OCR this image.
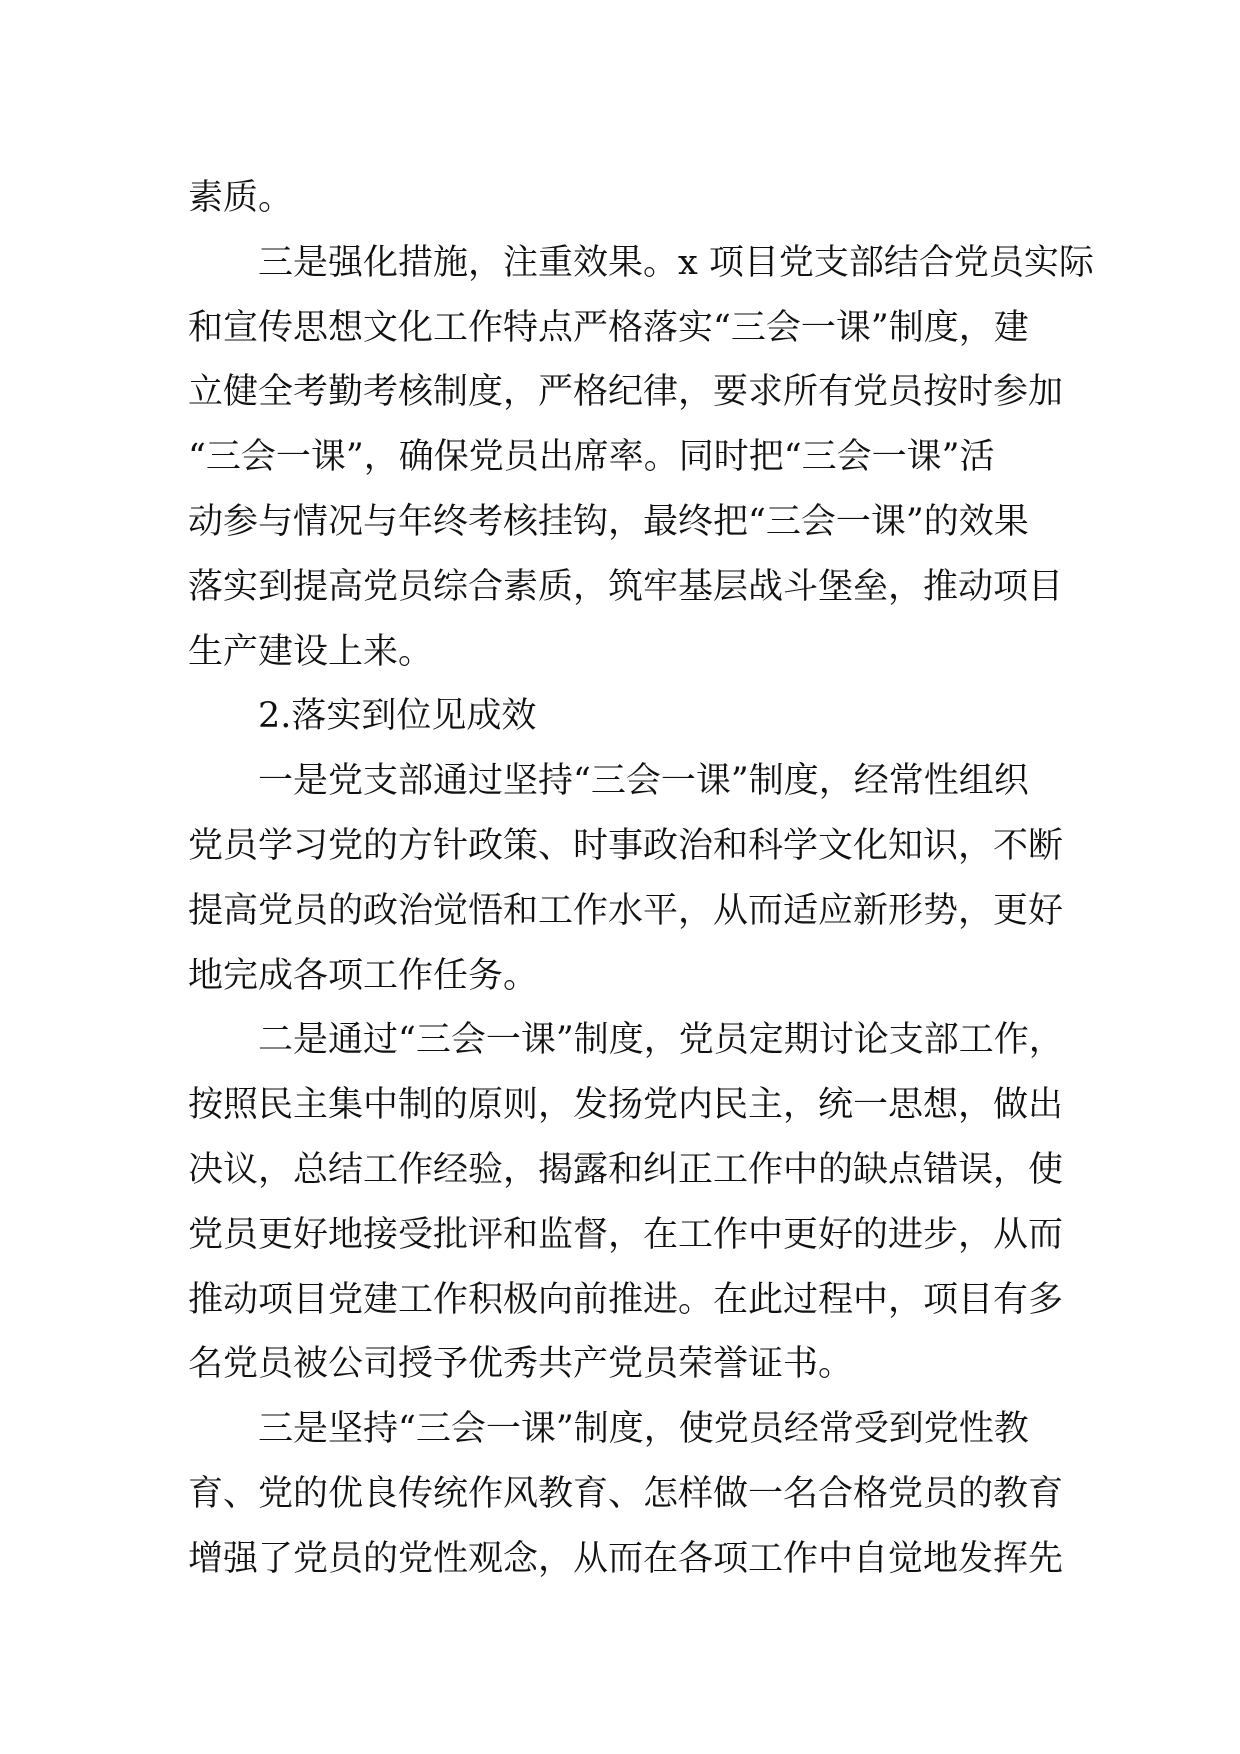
素质。
三是强化措施，注重效果。x 项目党支部结合党员实际
和宣传思想文化工作特点严格落实“三会一课”制度，建
立健全考勤考核制度，严格纪律，要求所有党员按时参加
“三会一课”，确保党员出席率。同时把“三会一课”活
动参与情况与年终考核挂钩，最终把“三会一课”的效果
落实到提高党员综合素质，筑牢基层战斗堡垒，推动项目
生产建设上来。
2.落实到位见成效
一是党支部通过坚持“三会一课”制度，经常性组织
党员学习党的方针政策、时事政治和科学文化知识，不断
提高党员的政治觉悟和工作水平，从而适应新形势，更好
地完成各项工作任务。
二是通过“三会一课”制度，党员定期讨论支部工作，
按照民主集中制的原则，发扬党内民主，统一思想，做出
决议，总结工作经验，揭露和纠正工作中的缺点错误，使
党员更好地接受批评和监督，在工作中更好的进步，从而
推动项目党建工作积极向前推进。在此过程中，项目有多
名党员被公司授予优秀共产党员荣誉证书。
三是坚持“三会一课”制度，使党员经常受到党性教
育、党的优良传统作风教育、怎样做一名合格党员的教育
增强了党员的党性观念，从而在各项工作中自觉地发挥先
